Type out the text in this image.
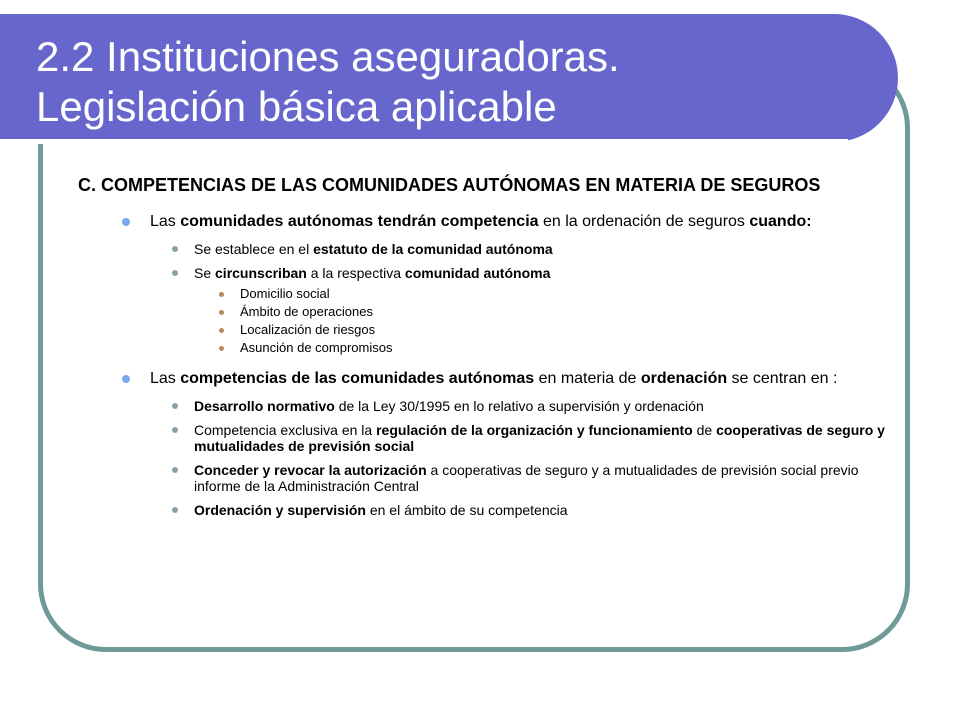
2.2 Instituciones aseguradoras.
Legislación básica aplicable

C. COMPETENCIAS DE LAS COMUNIDADES AUTÓNOMAS EN MATERIA DE SEGUROS

Las comunidades autónomas tendrán competencia en la ordenación de seguros cuando:
Se establece en el estatuto de la comunidad autónoma
Se circunscriban a la respectiva comunidad autónoma
Domicilio social
Ámbito de operaciones
Localización de riesgos
Asunción de compromisos
Las competencias de las comunidades autónomas en materia de ordenación se centran en :
Desarrollo normativo de la Ley 30/1995 en lo relativo a supervisión y ordenación
Competencia exclusiva en la regulación de la organización y funcionamiento de cooperativas de seguro y mutualidades de previsión social
Conceder y revocar la autorización a cooperativas de seguro y a mutualidades de previsión social previo informe de la Administración Central
Ordenación y supervisión en el ámbito de su competencia
